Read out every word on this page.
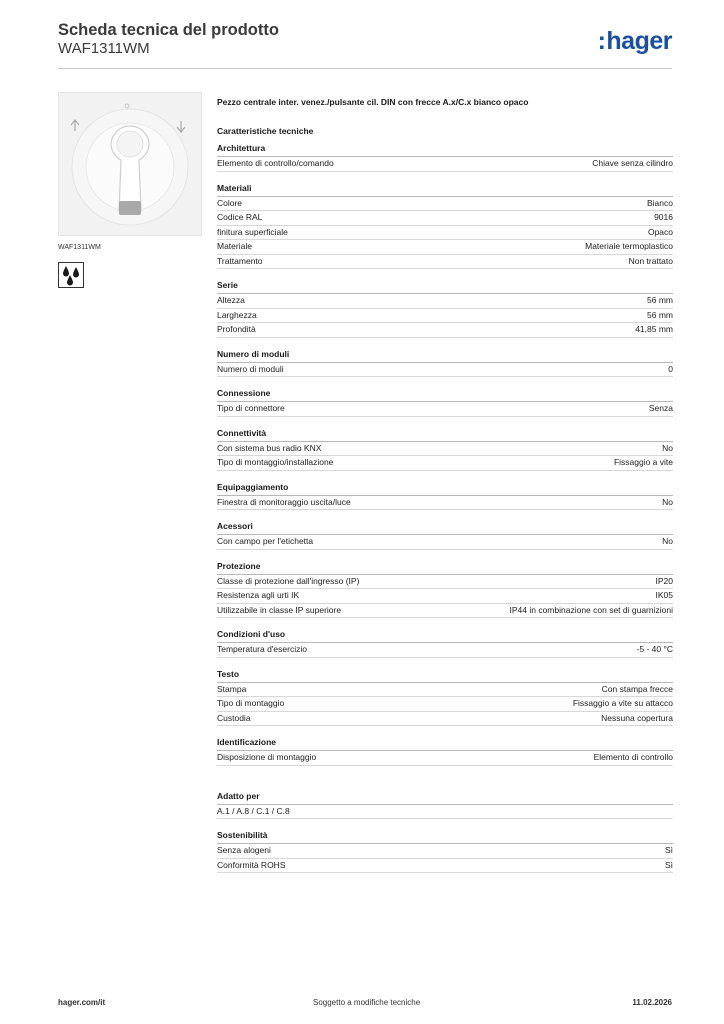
Scheda tecnica del prodotto
WAF1311WM	:hager
WAF1311WM
Pezzo centrale inter. venez./pulsante cil. DIN con frecce A.x/C.x bianco opaco
Caratteristiche tecniche
Architettura
Elemento di controllo/comando	Chiave senza cilindro
Materiali
Colore	Bianco
Codice RAL	9016
finitura superficiale	Opaco
Materiale	Materiale termoplastico
Trattamento	Non trattato
Serie
Altezza	56 mm
Larghezza	56 mm
Profondità	41,85 mm
Numero di moduli
Numero di moduli	0
Connessione
Tipo di connettore	Senza
Connettività
Con sistema bus radio KNX	No
Tipo di montaggio/installazione	Fissaggio a vite
Equipaggiamento
Finestra di monitoraggio uscita/luce	No
Acessori
Con campo per l'etichetta	No
Protezione
Classe di protezione dall'ingresso (IP)	IP20
Resistenza agli urti IK	IK05
Utilizzabile in classe IP superiore	IP44 in combinazione con set di guarnizioni
Condizioni d'uso
Temperatura d'esercizio	-5 - 40 °C
Testo
Stampa	Con stampa frecce
Tipo di montaggio	Fissaggio a vite su attacco
Custodia	Nessuna copertura
Identificazione
Disposizione di montaggio	Elemento di controllo
Adatto per
A.1 / A.8 / C.1 / C.8
Sostenibilità
Senza alogeni	Sì
Conformità ROHS	Sì
hager.com/it	Soggetto a modifiche tecniche	11.02.2026
